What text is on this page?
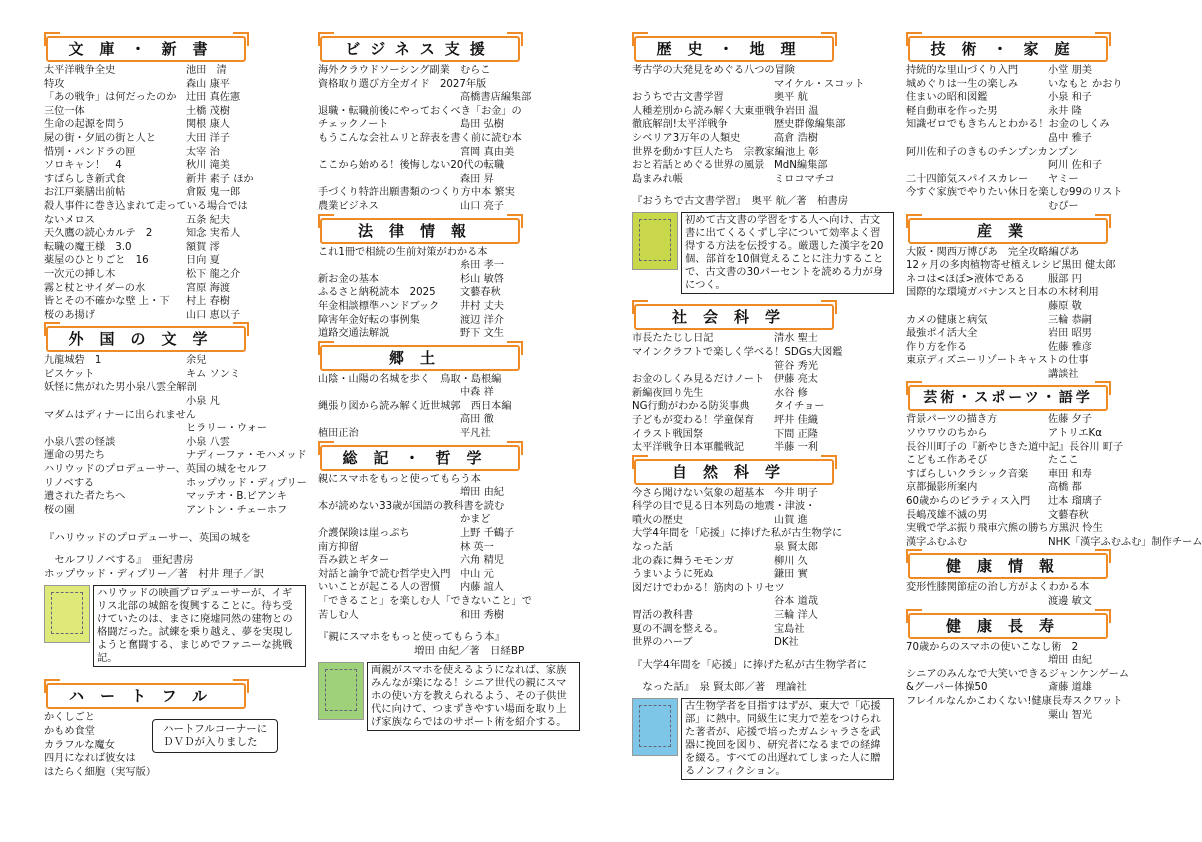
文庫・新書
太平洋戦争全史	池田　清
特攻	森山 康平
「あの戦争」は何だったのか 辻田 真佐憲
三位一体	土橋 茂樹
生命の起源を問う	関根 康人
屍の街・夕凪の街と人と	大田 洋子
惜別・パンドラの匣	太宰 治
ソロキャン！　4	秋川 滝美
すばらしき新式食	新井 素子 ほか
お江戸薬膳出前帖	倉阪 鬼一郎
殺人事件に巻き込まれて走っている場合では
ないメロス	五条 紀夫
天久鷹の読心カルテ　2	知念 実希人
転職の魔王様　3.0	額賀 澪
薬屋のひとりごと　16	日向 夏
一次元の挿し木	松下 龍之介
霧と杖とサイダーの水	宮原 海渡
皆とその不確かな壁 上・下	村上 春樹
桜のあ揚げ	山口 恵以子
外国の文学
九龍城砦　1	余兒
ビスケット	キム ソンミ
妖怪に焦がれた男小泉八雲全解剖
小泉 凡
マダムはディナーに出られません
ヒラリー・ウォー
小泉八雲の怪談	小泉 八雲
運命の男たち	ナディーファ・モハメッド
ハリウッドのプロデューサー、英国の城をセルフ
リノベする	ホップウッド・ディプリー
遺された者たちへ	マッテオ・B.ビアンキ
桜の園	アントン・チェーホフ
『ハリウッドのプロデューサー、英国の城を
　セルフリノベする』　亜紀書房
ホップウッド・ディプリー／著　村井 理子／訳
ハリウッドの映画プロデューサーが、イギリス北部の城館を復興することに。待ち受けていたのは、まさに廃墟同然の建物との格闘だった。試練を乗り越え、夢を実現しようと奮闘する、まじめでファニーな挑戦記。
ハートフル
かくしごと
かもめ食堂
カラフルな魔女
四月になれば彼女は
はたらく細胞（実写版）
ハートフルコーナーに
ＤＶＤが入りました
ビジネス支援
海外クラウドソーシング副業	むらこ
資格取り選び方全ガイド　2027年版
高橋書店編集部
退職・転職前後にやっておくべき「お金」の
チェックノート	島田 弘樹
もうこんな会社ムリと辞表を書く前に読む本
宮岡 真由美
ここから始める！後悔しない20代の転職
森田 昇
手づくり特許出願書類のつくり方 中本 繁実
農業ビジネス	山口 亮子
法律情報
これ1冊で相続の生前対策がわかる本
糸田 孝一
新お金の基本	杉山 敏啓
ふるさと納税読本　2025	文藝春秋
年金相談標準ハンドブック	井村 丈夫
障害年金好転の事例集	渡辺 洋介
道路交通法解説	野下 文生
郷土
山陰・山陽の名城を歩く　鳥取・島根編
中森 祥
縄張り図から読み解く近世城郭　西日本編
高田 徹
植田正治	平凡社
総記・哲学
親にスマホをもっと使ってもらう本
増田 由紀
本が読めない33歳が国語の教科書を読む
かまど
介護保険は崖っぷち	上野 千鶴子
南方抑留	林 英一
吾み鉄とギター	六角 精児
対話と論争で読む哲学史入門 中山 元
いいことが起こる人の習慣	内藤 誼人
「できること」を楽しむ人「できないこと」で
苦しむ人	和田 秀樹
『親にスマホをもっと使ってもらう本』
増田 由紀／著　日経BP
両親がスマホを使えるようになれば、家族みんなが楽になる！シニア世代の親にスマホの使い方を教えられるよう、その子供世代に向けて、つまずきやすい場面を取り上げ家族ならではのサポート術を紹介する。
歴史・地理
考古学の大発見をめぐる八つの冒険
マイケル・スコット
おうちで古文書学習	奥平 航
人種差別から読み解く大東亜戦争 岩田 温
徹底解剖!太平洋戦争	歴史群像編集部
シベリア3万年の人類史	高倉 浩樹
世界を動かす巨人たち　宗教家編 池上 彰
おと若話とめぐる世界の風景 MdN編集部
島まみれ帳	ミロコマチコ
『おうちで古文書学習』　奥平 航／著　柏書房
初めて古文書の学習をする人へ向け、古文書に出てくるくずし字について効率よく習得する方法を伝授する。厳選した漢字を20個、部首を10個覚えることに注力することで、古文書の30パーセントを読める力が身につく。
社会科学
市長たたじし日記	清水 聖士
マインクラフトで楽しく学べる！SDGs大図鑑
笹谷 秀光
お金のしくみ見るだけノート 伊藤 亮太
新編夜回り先生	水谷 修
NG行動がわかる防災事典	タイチョー
子どもが変わる！学童保育	坪井 佳織
イラスト戦国祭	下間 正隆
太平洋戦争日本軍艦戦記	半藤 一利
自然科学
今さら聞けない気象の超基本 今井 明子
科学の目で見る日本列島の地震・津波・
噴火の歴史	山賀 進
大学4年間を「応援」に捧げた私が古生物学に
なった話	泉 賢太郎
北の森に舞うモモンガ	柳川 久
うまいように死ぬ	鎌田 實
図だけでわかる！筋肉のトリセツ
谷本 道哉
胃活の教科書	三輪 洋人
夏の不調を整える。	宝島社
世界のハーブ	DK社
『大学4年間を「応援」に捧げた私が古生物学者に
　なった話』　泉 賢太郎／著　理論社
古生物学者を目指すはずが、東大で「応援部」に熱中。同級生に実力で差をつけられた著者が、応援で培ったガムシャラさを武器に挽回を図り、研究者になるまでの経緯を綴る。すべての出遅れてしまった人に贈るノンフィクション。
技術・家庭
持続的な里山づくり入門	小堂 朋美
城めぐりは一生の楽しみ	いなもと かおり
住まいの昭和図鑑	小泉 和子
軽自動車を作った男	永井 隆
知識ゼロでもきちんとわかる！お金のしくみ
畠中 雅子
阿川佐和子のきものチンプンカンプン
阿川 佐和子
二十四節気スパイスカレー	ヤミー
今すぐ家族でやりたい休日を楽しむ99のリスト
むぴー
産業
大阪・関西万博ぴあ　完全攻略編 ぴあ
12ヶ月の多肉植物寄せ植えレシピ 黒田 健太郎
ネコは<ほぼ>液体である	服部 円
国際的な環境ガバナンスと日本の木材利用
藤原 敬
カメの健康と病気	三輪 恭嗣
最強ポイ活大全	岩田 昭男
作り方を作る	佐藤 雅彦
東京ディズニーリゾートキャストの仕事
講談社
芸術・スポーツ・語学
背景パーツの描き方	佐藤 夕子
ソウワウのちから	アトリエKα
長谷川町子の『新やじきた道中記』 長谷川 町子
こどもエ作あそび	たここ
すばらしいクラシック音楽	車田 和寿
京都撮影所案内	高橋 都
60歳からのピラティス入門	辻本 瑠璃子
長嶋茂雄不滅の男	文藝春秋
実戦で学ぶ振り飛車穴熊の勝ち方 黒沢 怜生
漢字ふむふむ	NHK「漢字ふむふむ」制作チーム
健康情報
変形性膝関節症の治し方がよくわかる本
渡邊 敏文
健康長寿
70歳からのスマホの使いこなし術　2
増田 由紀
シニアのみんなで大笑いできるジャンケンゲーム
&グーパー体操50	斎藤 道雄
フレイルなんかこわくない!健康長寿スクワット
粟山 智光
